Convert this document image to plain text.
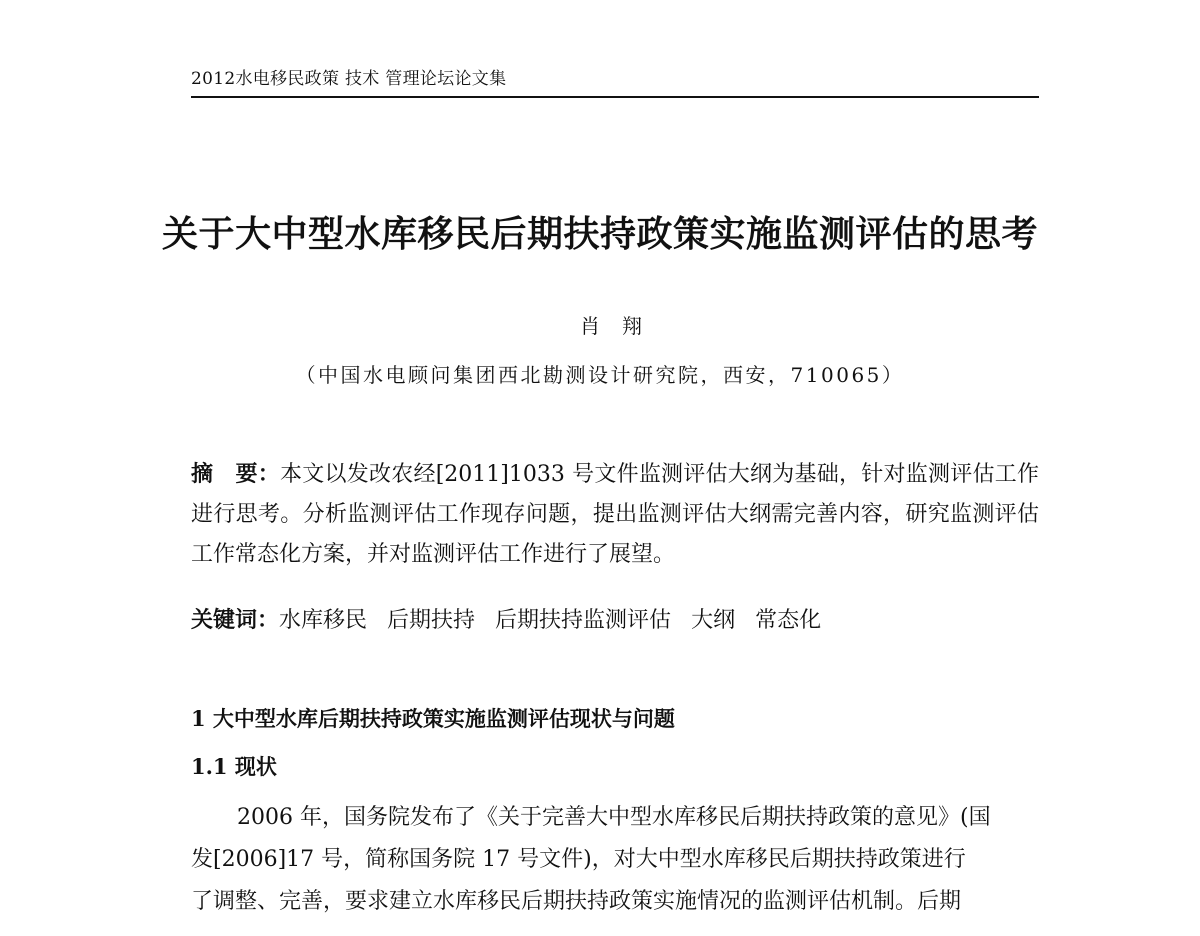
2012水电移民政策 技术 管理论坛论文集
关于大中型水库移民后期扶持政策实施监测评估的思考
肖翔
（中国水电顾问集团西北勘测设计研究院，西安，710065）
摘　要：本文以发改农经[2011]1033 号文件监测评估大纲为基础，针对监测评估工作进行思考。分析监测评估工作现存问题，提出监测评估大纲需完善内容，研究监测评估工作常态化方案，并对监测评估工作进行了展望。
关键词：水库移民 后期扶持 后期扶持监测评估 大纲 常态化
1 大中型水库后期扶持政策实施监测评估现状与问题
1.1 现状
2006 年，国务院发布了《关于完善大中型水库移民后期扶持政策的意见》(国
发[2006]17 号，简称国务院 17 号文件)，对大中型水库移民后期扶持政策进行
了调整、完善，要求建立水库移民后期扶持政策实施情况的监测评估机制。后期
